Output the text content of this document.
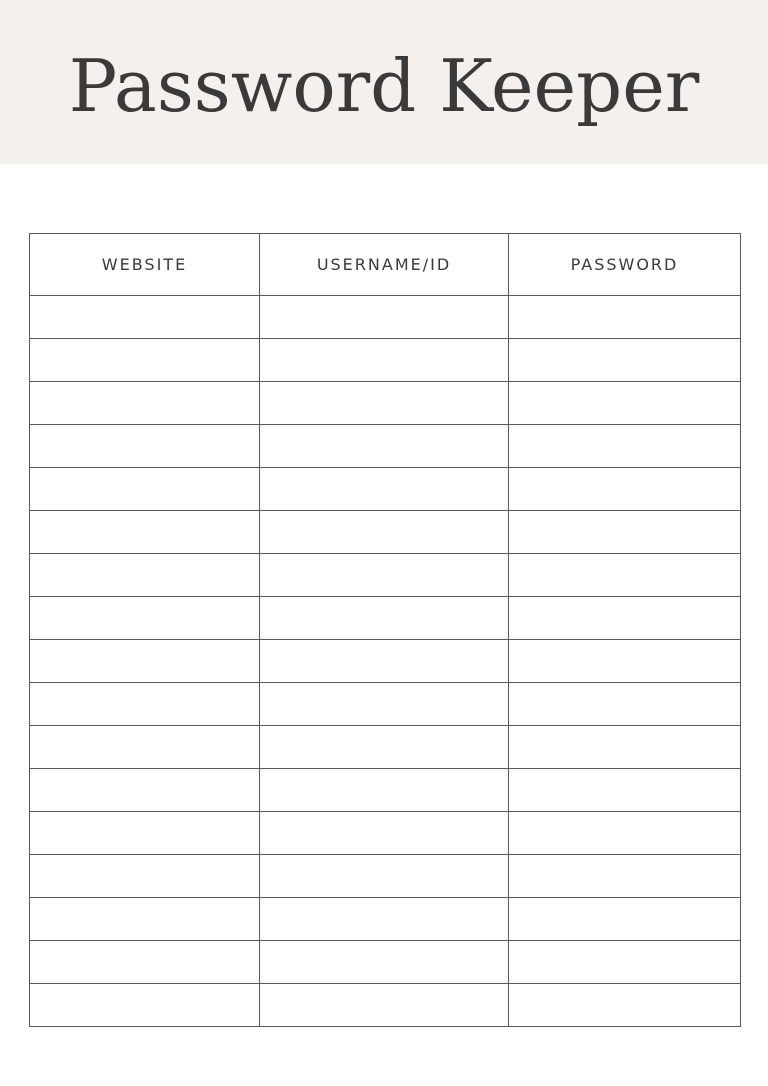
Password Keeper
WEBSITE	USERNAME/ID	PASSWORD
